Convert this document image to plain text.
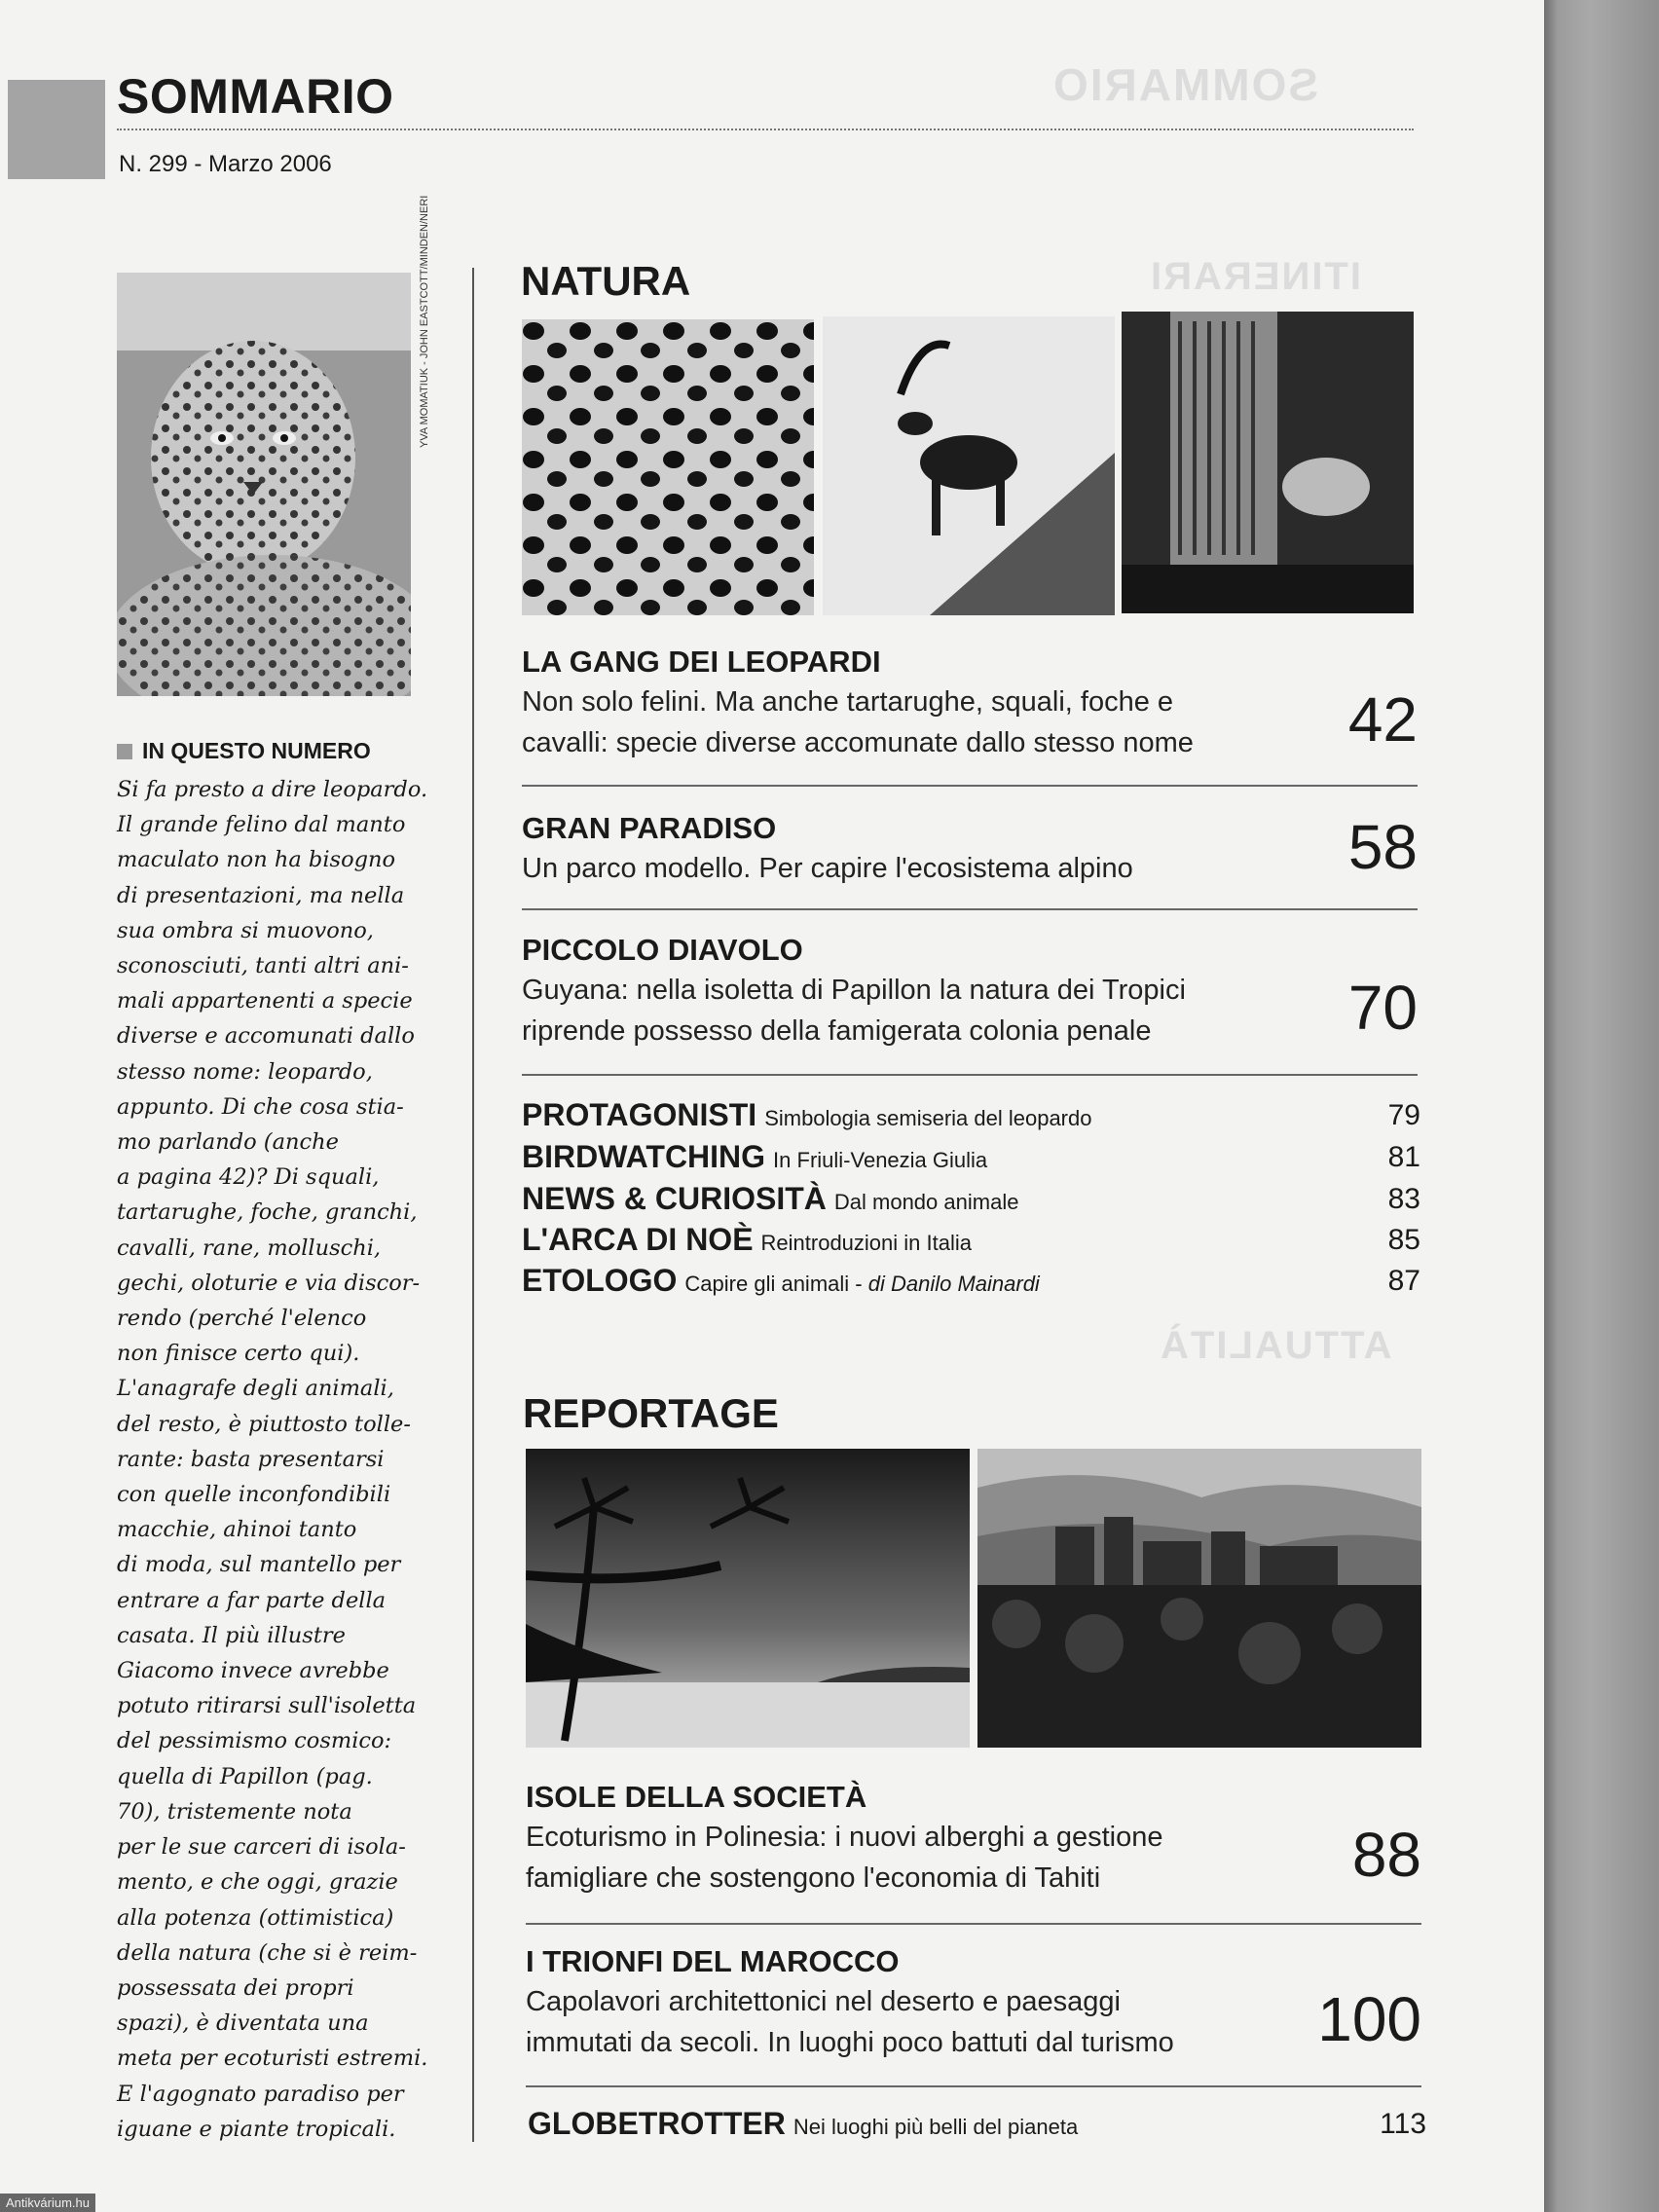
SOMMARIO
ITINERARI
ATTUALITÀ
SOMMARIO
N. 299 - Marzo 2006
YVA MOMATIUK - JOHN EASTCOTT/MINDEN/NERI
IN QUESTO NUMERO
Si fa presto a dire leopardo.
Il grande felino dal manto
maculato non ha bisogno
di presentazioni, ma nella
sua ombra si muovono,
sconosciuti, tanti altri ani-
mali appartenenti a specie
diverse e accomunati dallo
stesso nome: leopardo,
appunto. Di che cosa stia-
mo parlando (anche
a pagina 42)? Di squali,
tartarughe, foche, granchi,
cavalli, rane, molluschi,
gechi, oloturie e via discor-
rendo (perché l'elenco
non finisce certo qui).
L'anagrafe degli animali,
del resto, è piuttosto tolle-
rante: basta presentarsi
con quelle inconfondibili
macchie, ahinoi tanto
di moda, sul mantello per
entrare a far parte della
casata. Il più illustre
Giacomo invece avrebbe
potuto ritirarsi sull'isoletta
del pessimismo cosmico:
quella di Papillon (pag.
70), tristemente nota
per le sue carceri di isola-
mento, e che oggi, grazie
alla potenza (ottimistica)
della natura (che si è reim-
possessata dei propri
spazi), è diventata una
meta per ecoturisti estremi.
E l'agognato paradiso per
iguane e piante tropicali.
NATURA
LA GANG DEI LEOPARDI
Non solo felini. Ma anche tartarughe, squali, foche e
cavalli: specie diverse accomunate dallo stesso nome	42
GRAN PARADISO
Un parco modello. Per capire l'ecosistema alpino	58
PICCOLO DIAVOLO
Guyana: nella isoletta di Papillon la natura dei Tropici
riprende possesso della famigerata colonia penale	70
PROTAGONISTI Simbologia semiseria del leopardo	79
BIRDWATCHING In Friuli-Venezia Giulia	81
NEWS & CURIOSITÀ Dal mondo animale	83
L'ARCA DI NOÈ Reintroduzioni in Italia	85
ETOLOGO Capire gli animali - di Danilo Mainardi	87
REPORTAGE
ISOLE DELLA SOCIETÀ
Ecoturismo in Polinesia: i nuovi alberghi a gestione
famigliare che sostengono l'economia di Tahiti	88
I TRIONFI DEL MAROCCO
Capolavori architettonici nel deserto e paesaggi
immutati da secoli. In luoghi poco battuti dal turismo	100
GLOBETROTTER Nei luoghi più belli del pianeta	113
Antikvárium.hu
